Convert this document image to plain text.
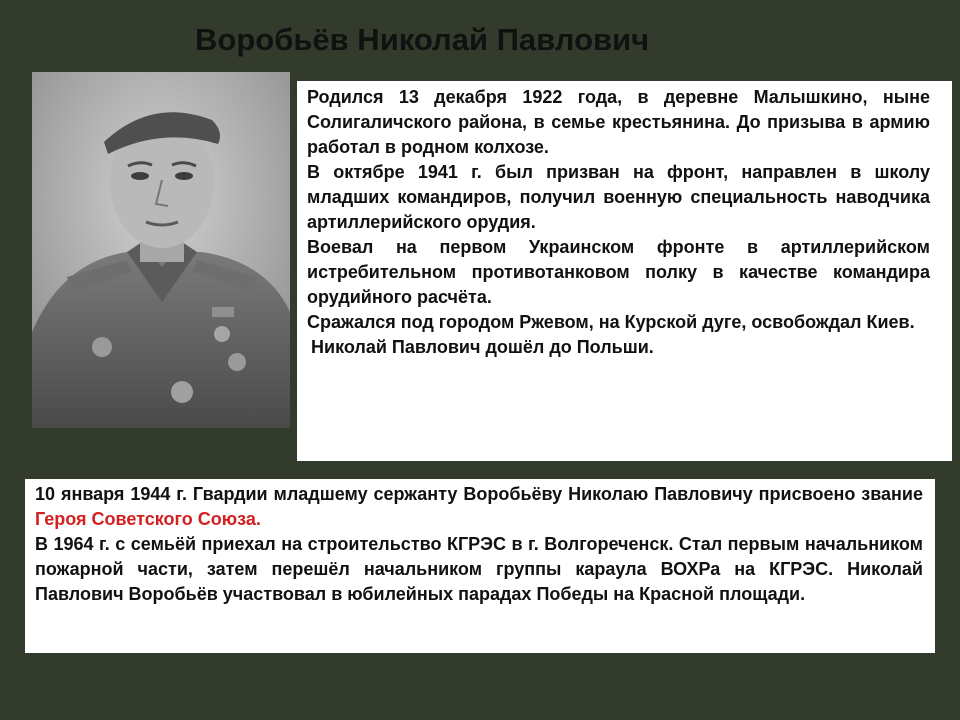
Воробьёв Николай Павлович

Родился 13 декабря 1922 года, в деревне Малышкино, ныне Солигаличского района, в семье крестьянина. До призыва в армию работал в родном колхозе.

В октябре 1941 г. был призван на фронт, направлен в школу младших командиров, получил военную специальность наводчика артиллерийского орудия.

Воевал на первом Украинском фронте в артиллерийском истребительном противотанковом полку в качестве командира орудийного расчёта.

Сражался под городом Ржевом, на Курской дуге, освобождал Киев.

Николай Павлович дошёл до Польши.

10 января 1944 г. Гвардии младшему сержанту Воробьёву Николаю Павловичу присвоено звание Героя Советского Союза.

В 1964 г. с семьёй приехал на строительство КГРЭС в г. Волгореченск. Стал первым начальником пожарной части, затем перешёл начальником группы караула ВОХРа на КГРЭС. Николай Павлович Воробьёв участвовал в юбилейных парадах Победы на Красной площади.
